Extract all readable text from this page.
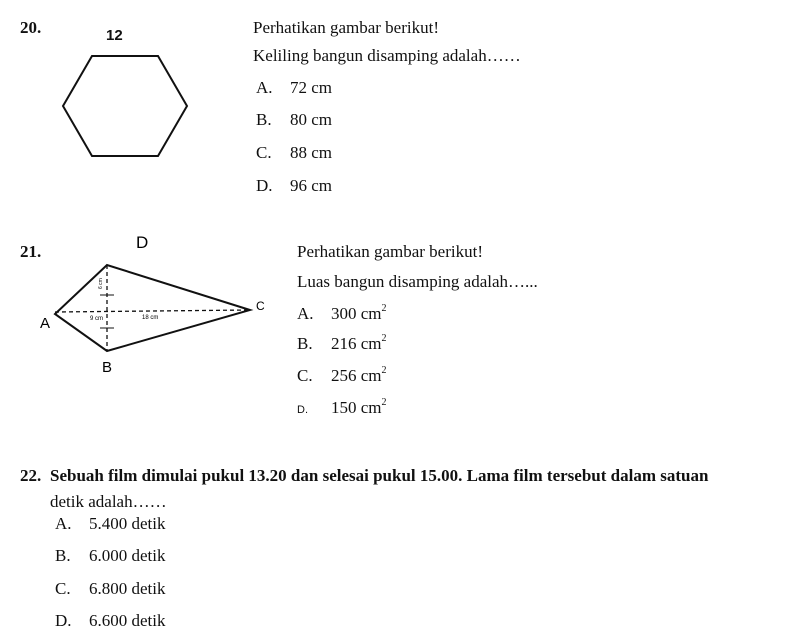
20.	12	Perhatikan gambar berikut!
Keliling bangun disamping adalah……
A. 72 cm
B. 80 cm
C. 88 cm
D. 96 cm
21.	D
A
B
C
9 cm	18 cm
6 cm
Perhatikan gambar berikut!
Luas bangun disamping adalah…...
A. 300 $cm^2$
B. 216 $cm^2$
C. 256 $cm^2$
D. 150 $cm^2$
22. Sebuah film dimulai pukul 13.20 dan selesai pukul 15.00. Lama film tersebut dalam satuan
detik adalah……
A. 5.400 detik
B. 6.000 detik
C. 6.800 detik
D. 6.600 detik
